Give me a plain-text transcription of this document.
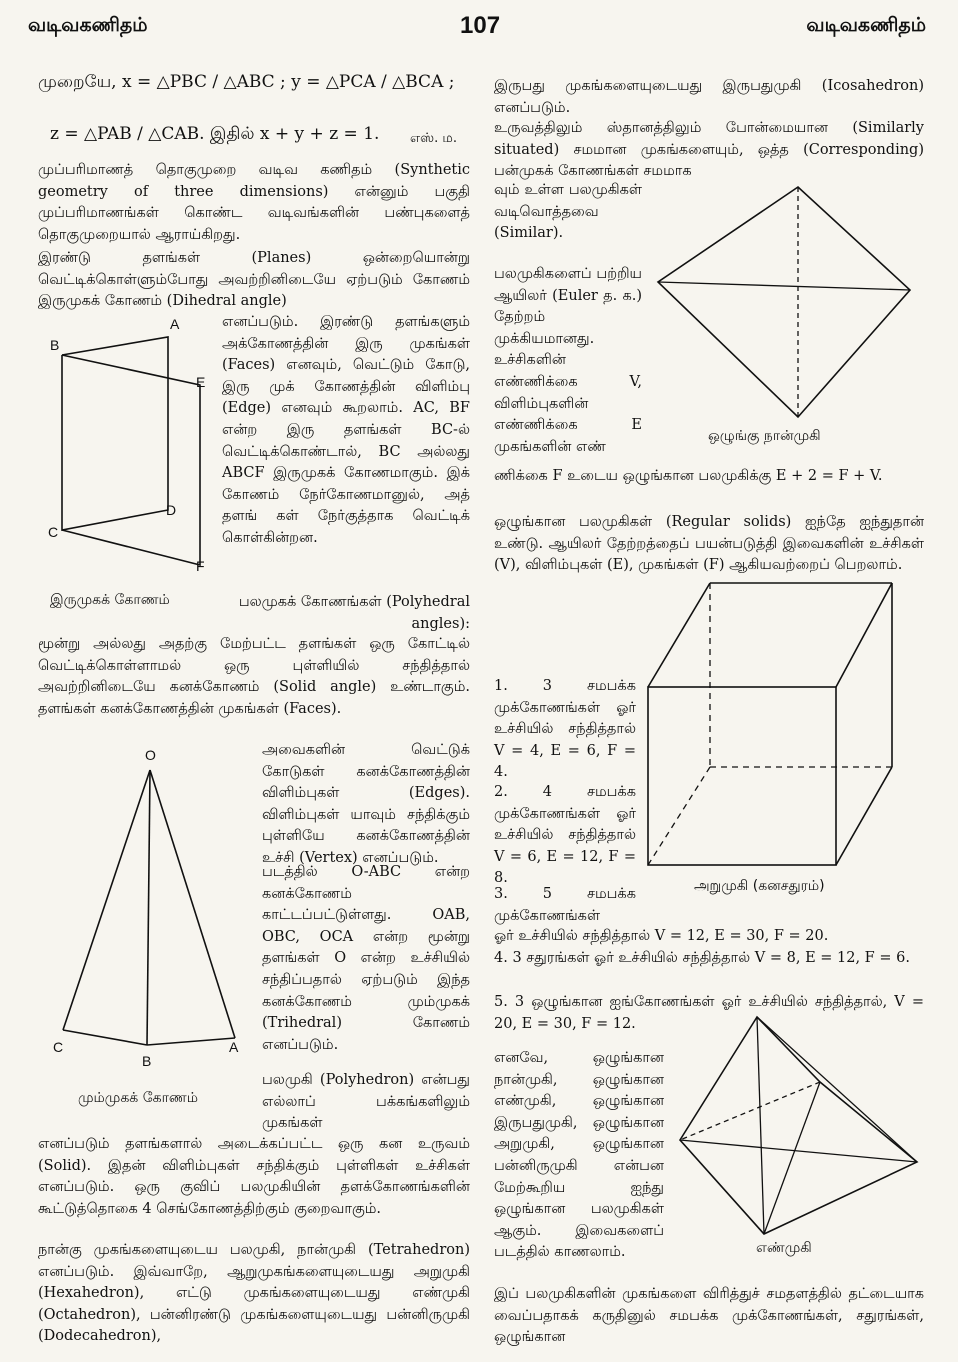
வடிவகணிதம்	107	வடிவகணிதம்
முறையே, x = △PBC / △ABC ; y = △PCA / △BCA ;
z = △PAB / △CAB. இதில் x + y + z = 1. எஸ். ம.

முப்பரிமாணத் தொகுமுறை வடிவ கணிதம் (Synthetic geometry of three dimensions) என்னும் பகுதி முப்பரிமாணங்கள் கொண்ட வடிவங்களின் பண்புகளைத் தொகுமுறையால் ஆராய்கிறது.

இரண்டு தளங்கள் (Planes) ஒன்றையொன்று வெட்டிக்கொள்ளும்போது அவற்றினிடையே ஏற்படும் கோணம் இருமுகக் கோணம் (Dihedral angle)

A
B
C
D
E
F

எனப்படும். இரண்டு தளங்களும் அக்கோணத்தின் இரு முகங்கள் (Faces) எனவும், வெட்டும் கோடு, இரு முக் கோணத்தின் விளிம்பு (Edge) எனவும் கூறலாம். AC, BF என்ற இரு தளங்கள் BC-ல் வெட்டிக்கொண்டால், BC அல்லது ABCF இருமுகக் கோணமாகும். இக் கோணம் நேர்கோணமானுல், அத் தளங் கள் நேர்குத்தாக வெட்டிக் கொள்கின்றன.

இருமுகக் கோணம்	பலமுகக் கோணங்கள் (Polyhedral angles):

மூன்று அல்லது அதற்கு மேற்பட்ட தளங்கள் ஒரு கோட்டில் வெட்டிக்கொள்ளாமல் ஒரு புள்ளியில் சந்தித்தால் அவற்றினிடையே கனக்கோணம் (Solid angle) உண்டாகும். தளங்கள் கனக்கோணத்தின் முகங்கள் (Faces).

O
C
B
A

அவைகளின் வெட்டுக் கோடுகள் கனக்கோணத்தின் விளிம்புகள் (Edges). விளிம்புகள் யாவும் சந்திக்கும் புள்ளியே கனக்கோணத்தின் உச்சி (Vertex) எனப்படும்.

படத்தில் O-ABC என்ற கனக்கோணம் காட்டப்பட்டுள்ளது. OAB, OBC, OCA என்ற மூன்று தளங்கள் O என்ற உச்சியில் சந்திப்பதால் ஏற்படும் இந்த கனக்கோணம் மும்முகக் (Trihedral) கோணம் எனப்படும்.

பலமுகி (Polyhedron) என்பது எல்லாப் பக்கங்களிலும் முகங்கள்

மும்முகக் கோணம்

எனப்படும் தளங்களால் அடைக்கப்பட்ட ஒரு கன உருவம் (Solid). இதன் விளிம்புகள் சந்திக்கும் புள்ளிகள் உச்சிகள் எனப்படும். ஒரு குவிப் பலமுகியின் தளக்கோணங்களின் கூட்டுத்தொகை 4 செங்கோணத்திற்கும் குறைவாகும்.

நான்கு முகங்களையுடைய பலமுகி, நான்முகி (Tetrahedron) எனப்படும். இவ்வாறே, ஆறுமுகங்களையுடையது அறுமுகி (Hexahedron), எட்டு முகங்களையுடையது எண்முகி (Octahedron), பன்னிரண்டு முகங்களையுடையது பன்னிருமுகி (Dodecahedron),

இருபது முகங்களையுடையது இருபதுமுகி (Icosahedron) எனப்படும்.

உருவத்திலும் ஸ்தானத்திலும் போன்மையான (Similarly situated) சமமான முகங்களையும், ஒத்த (Corresponding) பன்முகக் கோணங்கள் சமமாக

வும் உள்ள பலமுகிகள் வடிவொத்தவை (Similar).

பலமுகிகளைப் பற்றிய ஆயிலர் (Euler த. க.) தேற்றம் முக்கியமானது. உச்சிகளின் எண்ணிக்கை V, விளிம்புகளின் எண்ணிக்கை E முகங்களின் எண்

ஒழுங்கு நான்முகி

ணிக்கை F உடைய ஒழுங்கான பலமுகிக்கு E + 2 = F + V.

ஒழுங்கான பலமுகிகள் (Regular solids) ஐந்தே ஐந்துதான் உண்டு. ஆயிலர் தேற்றத்தைப் பயன்படுத்தி இவைகளின் உச்சிகள் (V), விளிம்புகள் (E), முகங்கள் (F) ஆகியவற்றைப் பெறலாம்.

1. 3 சமபக்க முக்கோணங்கள் ஓர் உச்சியில் சந்தித்தால் V = 4, E = 6, F = 4.

2. 4 சமபக்க முக்கோணங்கள் ஓர் உச்சியில் சந்தித்தால் V = 6, E = 12, F = 8.

3. 5 சமபக்க முக்கோணங்கள்

அறுமுகி (கனசதுரம்)

ஓர் உச்சியில் சந்தித்தால் V = 12, E = 30, F = 20.

4. 3 சதுரங்கள் ஓர் உச்சியில் சந்தித்தால் V = 8, E = 12, F = 6.

5. 3 ஒழுங்கான ஐங்கோணங்கள் ஓர் உச்சியில் சந்தித்தால், V = 20, E = 30, F = 12.

எனவே, ஒழுங்கான நான்முகி, ஒழுங்கான எண்முகி, ஒழுங்கான இருபதுமுகி, ஒழுங்கான அறுமுகி, ஒழுங்கான பன்னிருமுகி என்பன மேற்கூறிய ஐந்து ஒழுங்கான பலமுகிகள் ஆகும். இவைகளைப் படத்தில் காணலாம்.	எண்முகி

இப் பலமுகிகளின் முகங்களை விரித்துச் சமதளத்தில் தட்டையாக வைப்பதாகக் கருதினுல் சமபக்க முக்கோணங்கள், சதுரங்கள், ஒழுங்கான
